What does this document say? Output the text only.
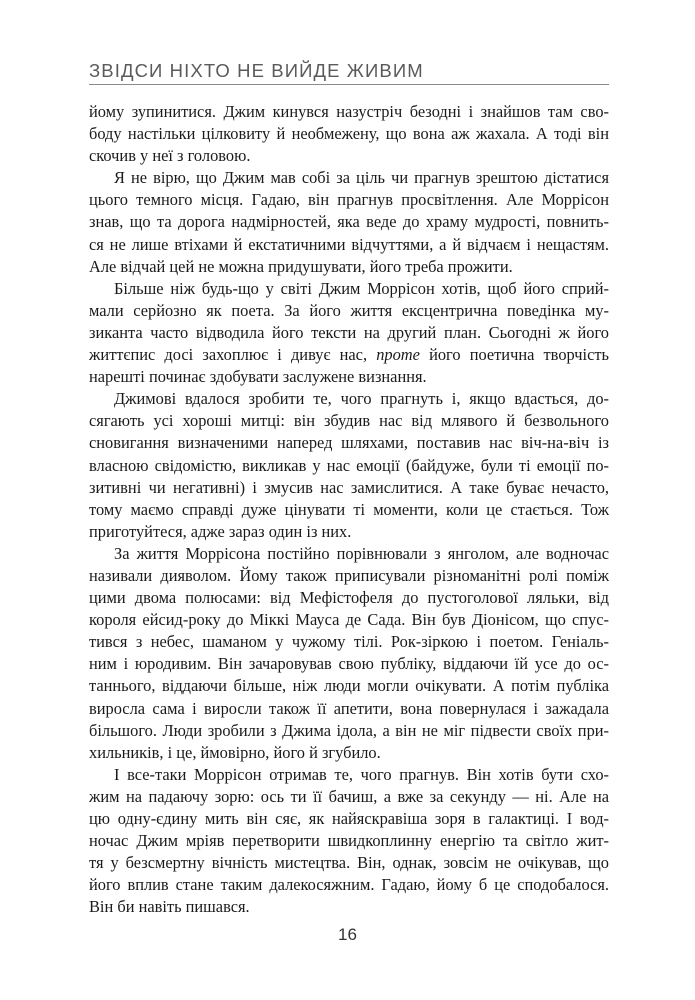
ЗВІДСИ НІХТО НЕ ВИЙДЕ ЖИВИМ
йому зупинитися. Джим кинувся назустріч безодні і знайшов там сво-
боду настільки цілковиту й необмежену, що вона аж жахала. А тоді він
скочив у неї з головою.
Я не вірю, що Джим мав собі за ціль чи прагнув зрештою дістатися
цього темного місця. Гадаю, він прагнув просвітлення. Але Моррісон
знав, що та дорога надмірностей, яка веде до храму мудрості, повнить-
ся не лише втіхами й екстатичними відчуттями, а й відчаєм і нещастям.
Але відчай цей не можна придушувати, його треба прожити.
Більше ніж будь-що у світі Джим Моррісон хотів, щоб його сприй-
мали серйозно як поета. За його життя ексцентрична поведінка му-
зиканта часто відводила його тексти на другий план. Сьогодні ж його
життєпис досі захоплює і дивує нас, проте його поетична творчість
нарешті починає здобувати заслужене визнання.
Джимові вдалося зробити те, чого прагнуть і, якщо вдасться, до-
сягають усі хороші митці: він збудив нас від млявого й безвольного
сновигання визначеними наперед шляхами, поставив нас віч-на-віч із
власною свідомістю, викликав у нас емоції (байдуже, були ті емоції по-
зитивні чи негативні) і змусив нас замислитися. А таке буває нечасто,
тому маємо справді дуже цінувати ті моменти, коли це стається. Тож
приготуйтеся, адже зараз один із них.
За життя Моррісона постійно порівнювали з янголом, але водночас
називали дияволом. Йому також приписували різноманітні ролі поміж
цими двома полюсами: від Мефістофеля до пустоголової ляльки, від
короля ейсид-року до Міккі Мауса де Сада. Він був Діонісом, що спус-
тився з небес, шаманом у чужому тілі. Рок-зіркою і поетом. Геніаль-
ним і юродивим. Він зачаровував свою публіку, віддаючи їй усе до ос-
таннього, віддаючи більше, ніж люди могли очікувати. А потім публіка
виросла сама і виросли також її апетити, вона повернулася і зажадала
більшого. Люди зробили з Джима ідола, а він не міг підвести своїх при-
хильників, і це, ймовірно, його й згубило.
І все-таки Моррісон отримав те, чого прагнув. Він хотів бути схо-
жим на падаючу зорю: ось ти її бачиш, а вже за секунду — ні. Але на
цю одну-єдину мить він сяє, як найяскравіша зоря в галактиці. І вод-
ночас Джим мріяв перетворити швидкоплинну енергію та світло жит-
тя у безсмертну вічність мистецтва. Він, однак, зовсім не очікував, що
його вплив стане таким далекосяжним. Гадаю, йому б це сподобалося.
Він би навіть пишався.
16
